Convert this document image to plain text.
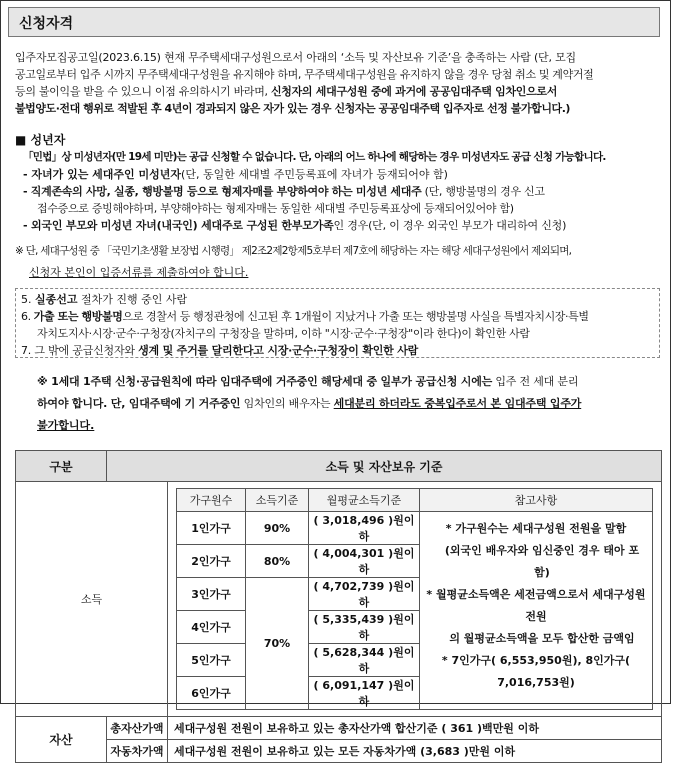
신청자격
입주자모집공고일(2023.6.15) 현재 무주택세대구성원으로서 아래의 ‘소득 및 자산보유 기준’을 충족하는 사람 (단, 모집
공고일로부터 입주 시까지 무주택세대구성원을 유지해야 하며, 무주택세대구성원을 유지하지 않을 경우 당첨 취소 및 계약거절
등의 불이익을 받을 수 있으니 이점 유의하시기 바라며, 신청자의 세대구성원 중에 과거에 공공임대주택 임차인으로서
불법양도·전대 행위로 적발된 후 4년이 경과되지 않은 자가 있는 경우 신청자는 공공임대주택 입주자로 선정 불가합니다.)
■ 성년자
「민법」상 미성년자(만 19세 미만)는 공급 신청할 수 없습니다. 단, 아래의 어느 하나에 해당하는 경우 미성년자도 공급 신청 가능합니다.
- 자녀가 있는 세대주인 미성년자(단, 동일한 세대별 주민등록표에 자녀가 등재되어야 함)
- 직계존속의 사망, 실종, 행방불명 등으로 형제자매를 부양하여야 하는 미성년 세대주 (단, 행방불명의 경우 신고
접수증으로 증빙해야하며, 부양해야하는 형제자매는 동일한 세대별 주민등록표상에 등재되어있어야 함)
- 외국인 부모와 미성년 자녀(내국인) 세대주로 구성된 한부모가족인 경우(단, 이 경우 외국인 부모가 대리하여 신청)
※ 단, 세대구성원 중 「국민기초생활 보장법 시행령」 제2조2제2항제5호부터 제7호에 해당하는 자는 해당 세대구성원에서 제외되며,
신청자 본인이 입증서류를 제출하여야 합니다.
5. 실종선고 절차가 진행 중인 사람
6. 가출 또는 행방불명으로 경찰서 등 행정관청에 신고된 후 1개월이 지났거나 가출 또는 행방불명 사실을 특별자치시장·특별
자치도지사·시장·군수·구청장(자치구의 구청장을 말하며, 이하 "시장·군수·구청장"이라 한다)이 확인한 사람
7. 그 밖에 공급신청자와 생계 및 주거를 달리한다고 시장·군수·구청장이 확인한 사람
※ 1세대 1주택 신청·공급원칙에 따라 임대주택에 거주중인 해당세대 중 일부가 공급신청 시에는 입주 전 세대 분리
하여야 합니다. 단, 임대주택에 기 거주중인 임차인의 배우자는 세대분리 하더라도 중복입주로서 본 임대주택 입주가
불가합니다.
구분	소득 및 자산보유 기준
소득	
가구원수	소득기준	월평균소득기준	참고사항
1인가구	90%	( 3,018,496 )원이하	
* 가구원수는 세대구성원 전원을 말함
(외국인 배우자와 임신중인 경우 태아 포함)
* 월평균소득액은 세전금액으로서 세대구성원 전원
의 월평균소득액을 모두 합산한 금액임
* 7인가구( 6,553,950원), 8인가구( 7,016,753원)

2인가구	80%	( 4,004,301 )원이하
3인가구	70%	( 4,702,739 )원이하
4인가구	( 5,335,439 )원이하
5인가구	( 5,628,344 )원이하
6인가구	( 6,091,147 )원이하

자산	총자산가액	세대구성원 전원이 보유하고 있는 총자산가액 합산기준 ( 361 )백만원 이하
자동차가액	세대구성원 전원이 보유하고 있는 모든 자동차가액 (3,683 )만원 이하
